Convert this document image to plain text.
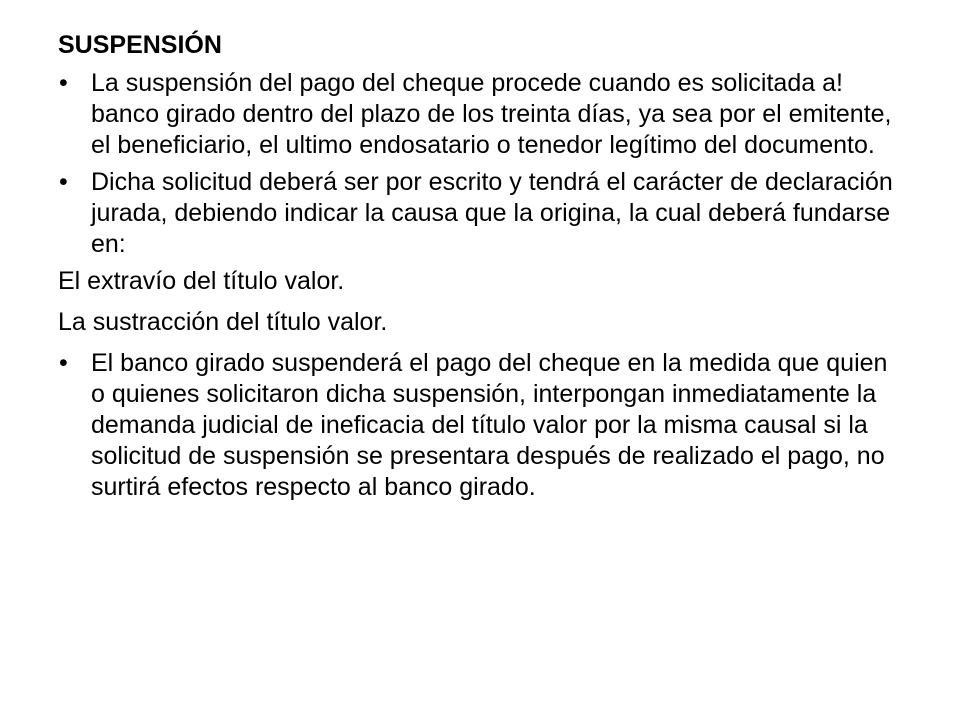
SUSPENSIÓN
• La suspensión del pago del cheque procede cuando es solicitada a! banco girado dentro del plazo de los treinta días, ya sea por el emitente, el beneficiario, el ultimo endosatario o tenedor legítimo del documento.
• Dicha solicitud deberá ser por escrito y tendrá el carácter de declaración jurada, debiendo indicar la causa que la origina, la cual deberá fundarse en:
El extravío del título valor.
La sustracción del título valor.
• El banco girado suspenderá el pago del cheque en la medida que quien o quienes solicitaron dicha suspensión, interpongan inmediatamente la demanda judicial de ineficacia del título valor por la misma causal si la solicitud de suspensión se presentara después de realizado el pago, no surtirá efectos respecto al banco girado.
